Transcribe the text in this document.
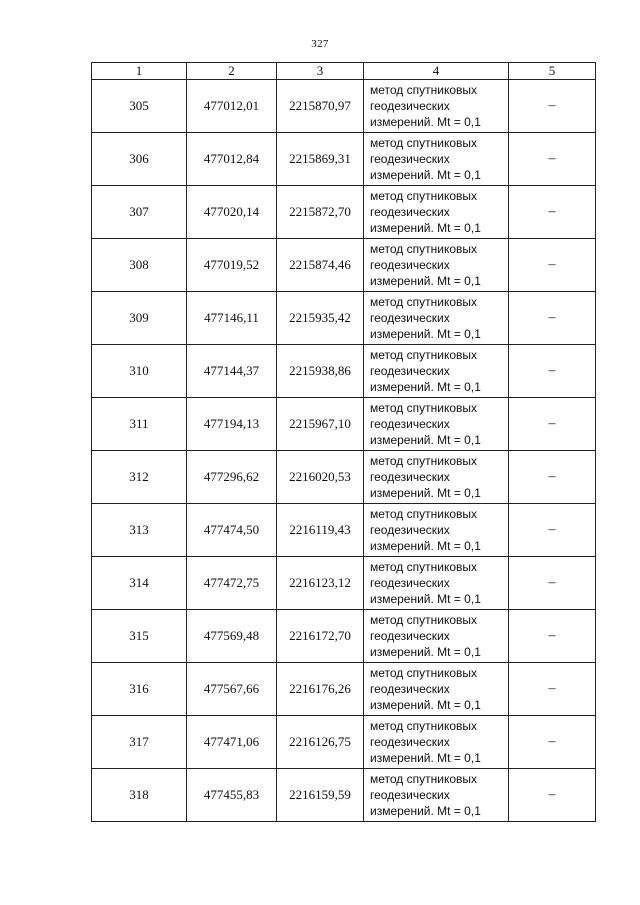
327
1	2	3	4	5
305	477012,01	2215870,97	метод спутниковых
геодезических
измерений. Mt = 0,1	–
306	477012,84	2215869,31	метод спутниковых
геодезических
измерений. Mt = 0,1	–
307	477020,14	2215872,70	метод спутниковых
геодезических
измерений. Mt = 0,1	–
308	477019,52	2215874,46	метод спутниковых
геодезических
измерений. Mt = 0,1	–
309	477146,11	2215935,42	метод спутниковых
геодезических
измерений. Mt = 0,1	–
310	477144,37	2215938,86	метод спутниковых
геодезических
измерений. Mt = 0,1	–
311	477194,13	2215967,10	метод спутниковых
геодезических
измерений. Mt = 0,1	–
312	477296,62	2216020,53	метод спутниковых
геодезических
измерений. Mt = 0,1	–
313	477474,50	2216119,43	метод спутниковых
геодезических
измерений. Mt = 0,1	–
314	477472,75	2216123,12	метод спутниковых
геодезических
измерений. Mt = 0,1	–
315	477569,48	2216172,70	метод спутниковых
геодезических
измерений. Mt = 0,1	–
316	477567,66	2216176,26	метод спутниковых
геодезических
измерений. Mt = 0,1	–
317	477471,06	2216126,75	метод спутниковых
геодезических
измерений. Mt = 0,1	–
318	477455,83	2216159,59	метод спутниковых
геодезических
измерений. Mt = 0,1	–
